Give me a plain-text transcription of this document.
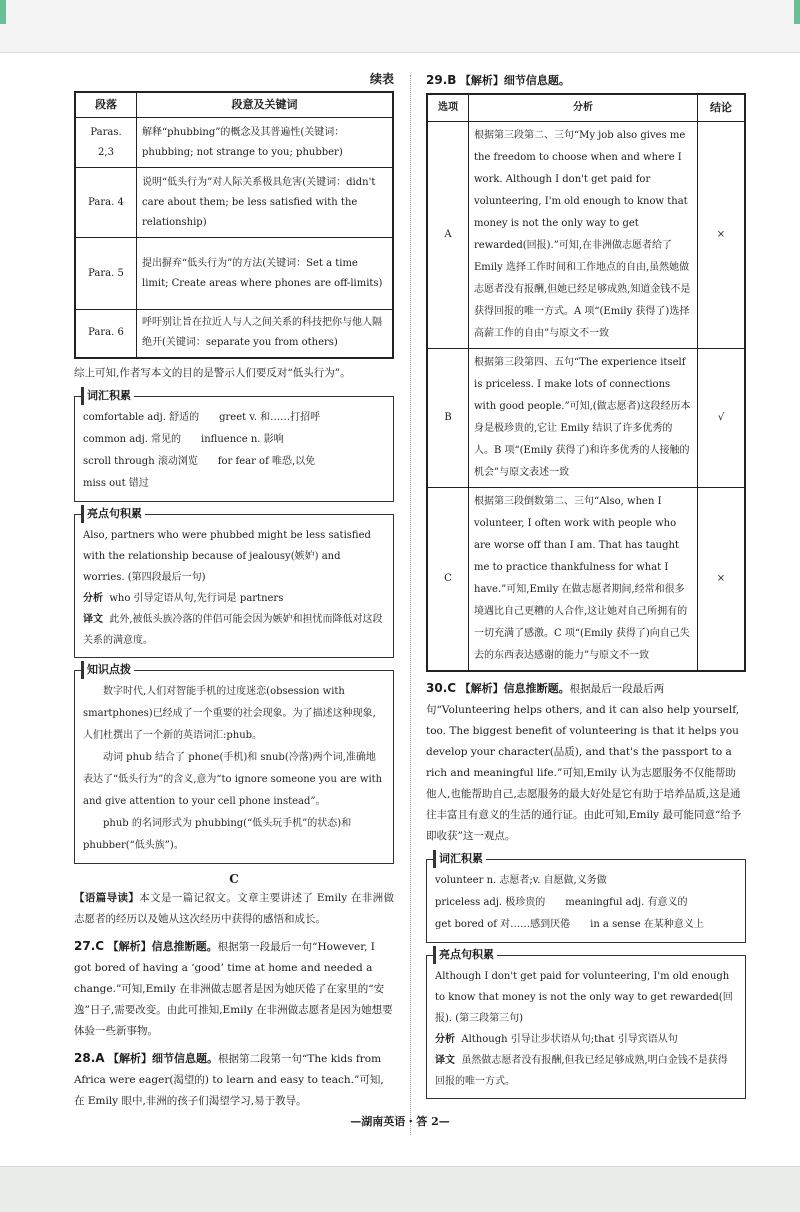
续表

段落	段意及关键词
Paras. 2,3	解释“phubbing”的概念及其普遍性(关键词：phubbing; not strange to you; phubber)
Para. 4	说明“低头行为”对人际关系极具危害(关键词：didn't care about them; be less satisfied with the relationship)
Para. 5	提出摒弃“低头行为”的方法(关键词：Set a time limit; Create areas where phones are off-limits)
Para. 6	呼吁别让旨在拉近人与人之间关系的科技把你与他人隔绝开(关键词：separate you from others)

综上可知,作者写本文的目的是警示人们要反对“低头行为”。

词汇积累

comfortable adj. 舒适的　　greet v. 和……打招呼

common adj. 常见的　　influence n. 影响

scroll through 滚动浏览　　for fear of 唯恐,以免

miss out 错过

亮点句积累

Also, partners who were phubbed might be less satisfied with the relationship because of jealousy(嫉妒) and worries. (第四段最后一句)

分析 who 引导定语从句,先行词是 partners

译文 此外,被低头族冷落的伴侣可能会因为嫉妒和担忧而降低对这段关系的满意度。

知识点拨

数字时代,人们对智能手机的过度迷恋(obsession with smartphones)已经成了一个重要的社会现象。为了描述这种现象,人们杜撰出了一个新的英语词汇:phub。

动词 phub 结合了 phone(手机)和 snub(冷落)两个词,准确地表达了“低头行为”的含义,意为“to ignore someone you are with and give attention to your cell phone instead”。

phub 的名词形式为 phubbing(“低头玩手机”的状态)和 phubber(“低头族”)。

C

【语篇导读】本文是一篇记叙文。文章主要讲述了 Emily 在非洲做志愿者的经历以及她从这次经历中获得的感悟和成长。

27.C 【解析】信息推断题。根据第一段最后一句“However, I got bored of having a ‘good’ time at home and needed a change.”可知,Emily 在非洲做志愿者是因为她厌倦了在家里的“安逸”日子,需要改变。由此可推知,Emily 在非洲做志愿者是因为她想要体验一些新事物。

28.A 【解析】细节信息题。根据第二段第一句“The kids from Africa were eager(渴望的) to learn and easy to teach.”可知,在 Emily 眼中,非洲的孩子们渴望学习,易于教导。

29.B 【解析】细节信息题。

选项	分析	结论
A	根据第三段第二、三句“My job also gives me the freedom to choose when and where I work. Although I don't get paid for volunteering, I'm old enough to know that money is not the only way to get rewarded(回报).”可知,在非洲做志愿者给了 Emily 选择工作时间和工作地点的自由,虽然她做志愿者没有报酬,但她已经足够成熟,知道金钱不是获得回报的唯一方式。A 项“(Emily 获得了)选择高薪工作的自由”与原文不一致	×
B	根据第三段第四、五句“The experience itself is priceless. I make lots of connections with good people.”可知,(做志愿者)这段经历本身是极珍贵的,它让 Emily 结识了许多优秀的人。B 项“(Emily 获得了)和许多优秀的人接触的机会”与原文表述一致	√
C	根据第三段倒数第二、三句“Also, when I volunteer, I often work with people who are worse off than I am. That has taught me to practice thankfulness for what I have.”可知,Emily 在做志愿者期间,经常和很多境遇比自己更糟的人合作,这让她对自己所拥有的一切充满了感激。C 项“(Emily 获得了)向自己失去的东西表达感谢的能力”与原文不一致	×

30.C 【解析】信息推断题。根据最后一段最后两句“Volunteering helps others, and it can also help yourself, too. The biggest benefit of volunteering is that it helps you develop your character(品质), and that's the passport to a rich and meaningful life.”可知,Emily 认为志愿服务不仅能帮助他人,也能帮助自己,志愿服务的最大好处是它有助于培养品质,这是通往丰富且有意义的生活的通行证。由此可知,Emily 最可能同意“给予即收获”这一观点。

词汇积累

volunteer n. 志愿者;v. 自愿做,义务做

priceless adj. 极珍贵的　　meaningful adj. 有意义的

get bored of 对……感到厌倦　　in a sense 在某种意义上

亮点句积累

Although I don't get paid for volunteering, I'm old enough to know that money is not the only way to get rewarded(回报). (第三段第三句)

分析 Although 引导让步状语从句;that 引导宾语从句

译文 虽然做志愿者没有报酬,但我已经足够成熟,明白金钱不是获得回报的唯一方式。

—湖南英语・答 2—
